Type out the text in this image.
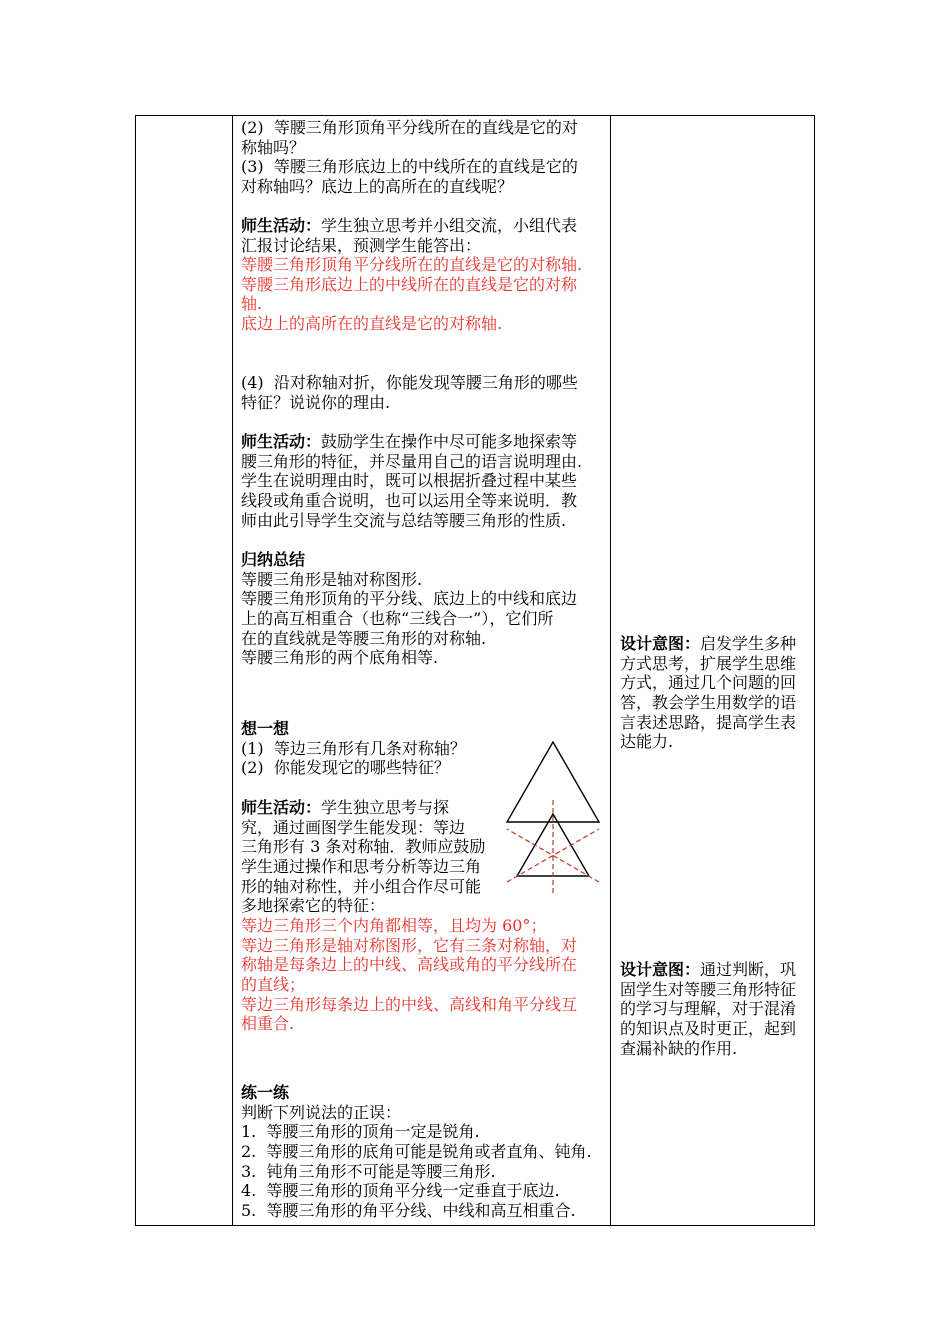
(2)  等腰三角形顶角平分线所在的直线是它的对
称轴吗？
(3)  等腰三角形底边上的中线所在的直线是它的
对称轴吗？底边上的高所在的直线呢？
师生活动：学生独立思考并小组交流，小组代表
汇报讨论结果，预测学生能答出：
等腰三角形顶角平分线所在的直线是它的对称轴.
等腰三角形底边上的中线所在的直线是它的对称
轴.
底边上的高所在的直线是它的对称轴.
(4)  沿对称轴对折，你能发现等腰三角形的哪些
特征？说说你的理由.
师生活动：鼓励学生在操作中尽可能多地探索等
腰三角形的特征，并尽量用自己的语言说明理由.
学生在说明理由时，既可以根据折叠过程中某些
线段或角重合说明，也可以运用全等来说明．教
师由此引导学生交流与总结等腰三角形的性质.
归纳总结
等腰三角形是轴对称图形.
等腰三角形顶角的平分线、底边上的中线和底边
上的高互相重合（也称“三线合一”），它们所
在的直线就是等腰三角形的对称轴.
等腰三角形的两个底角相等.
想一想
(1)  等边三角形有几条对称轴？
(2)  你能发现它的哪些特征？
师生活动：学生独立思考与探
究，通过画图学生能发现：等边
三角形有 3 条对称轴．教师应鼓励
学生通过操作和思考分析等边三角
形的轴对称性，并小组合作尽可能
多地探索它的特征：
等边三角形三个内角都相等，且均为 60°；
等边三角形是轴对称图形，它有三条对称轴，对
称轴是每条边上的中线、高线或角的平分线所在
的直线；
等边三角形每条边上的中线、高线和角平分线互
相重合.
练一练
判断下列说法的正误：
1.  等腰三角形的顶角一定是锐角.
2.  等腰三角形的底角可能是锐角或者直角、钝角.
3.  钝角三角形不可能是等腰三角形.
4.  等腰三角形的顶角平分线一定垂直于底边.
5.  等腰三角形的角平分线、中线和高互相重合.
设计意图：启发学生多种
方式思考，扩展学生思维
方式，通过几个问题的回
答，教会学生用数学的语
言表述思路，提高学生表
达能力.
设计意图：通过判断，巩
固学生对等腰三角形特征
的学习与理解，对于混淆
的知识点及时更正，起到
查漏补缺的作用.
